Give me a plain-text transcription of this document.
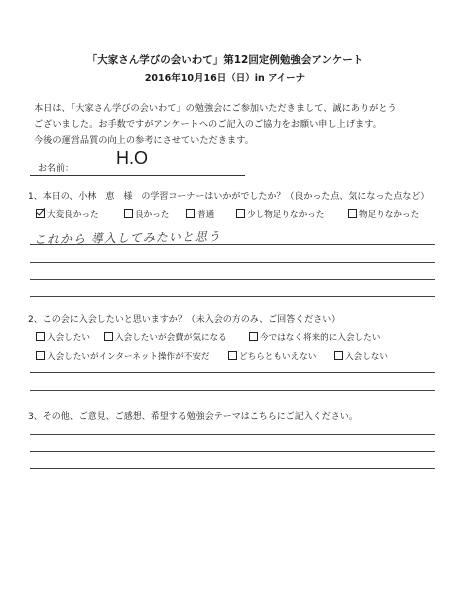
「大家さん学びの会いわて」第12回定例勉強会アンケート
2016年10月16日（日）in アイーナ
本日は、「大家さん学びの会いわて」の勉強会にご参加いただきまして、誠にありがとう
ございました。お手数ですがアンケートへのご記入のご協力をお願い申し上げます。
今後の運営品質の向上の参考にさせていただきます。
お名前：
H.O
1、本日の、小林　恵　様　の学習コーナーはいかがでしたか？（良かった点、気になった点など）
大変良かった	良かった	普通	少し物足りなかった	物足りなかった
これから 導入してみたいと思う
2、この会に入会したいと思いますか？（未入会の方のみ、ご回答ください）
入会したい	入会したいが会費が気になる	今ではなく将来的に入会したい
入会したいがインターネット操作が不安だ	どちらともいえない	入会しない
3、その他、ご意見、ご感想、希望する勉強会テーマはこちらにご記入ください。
